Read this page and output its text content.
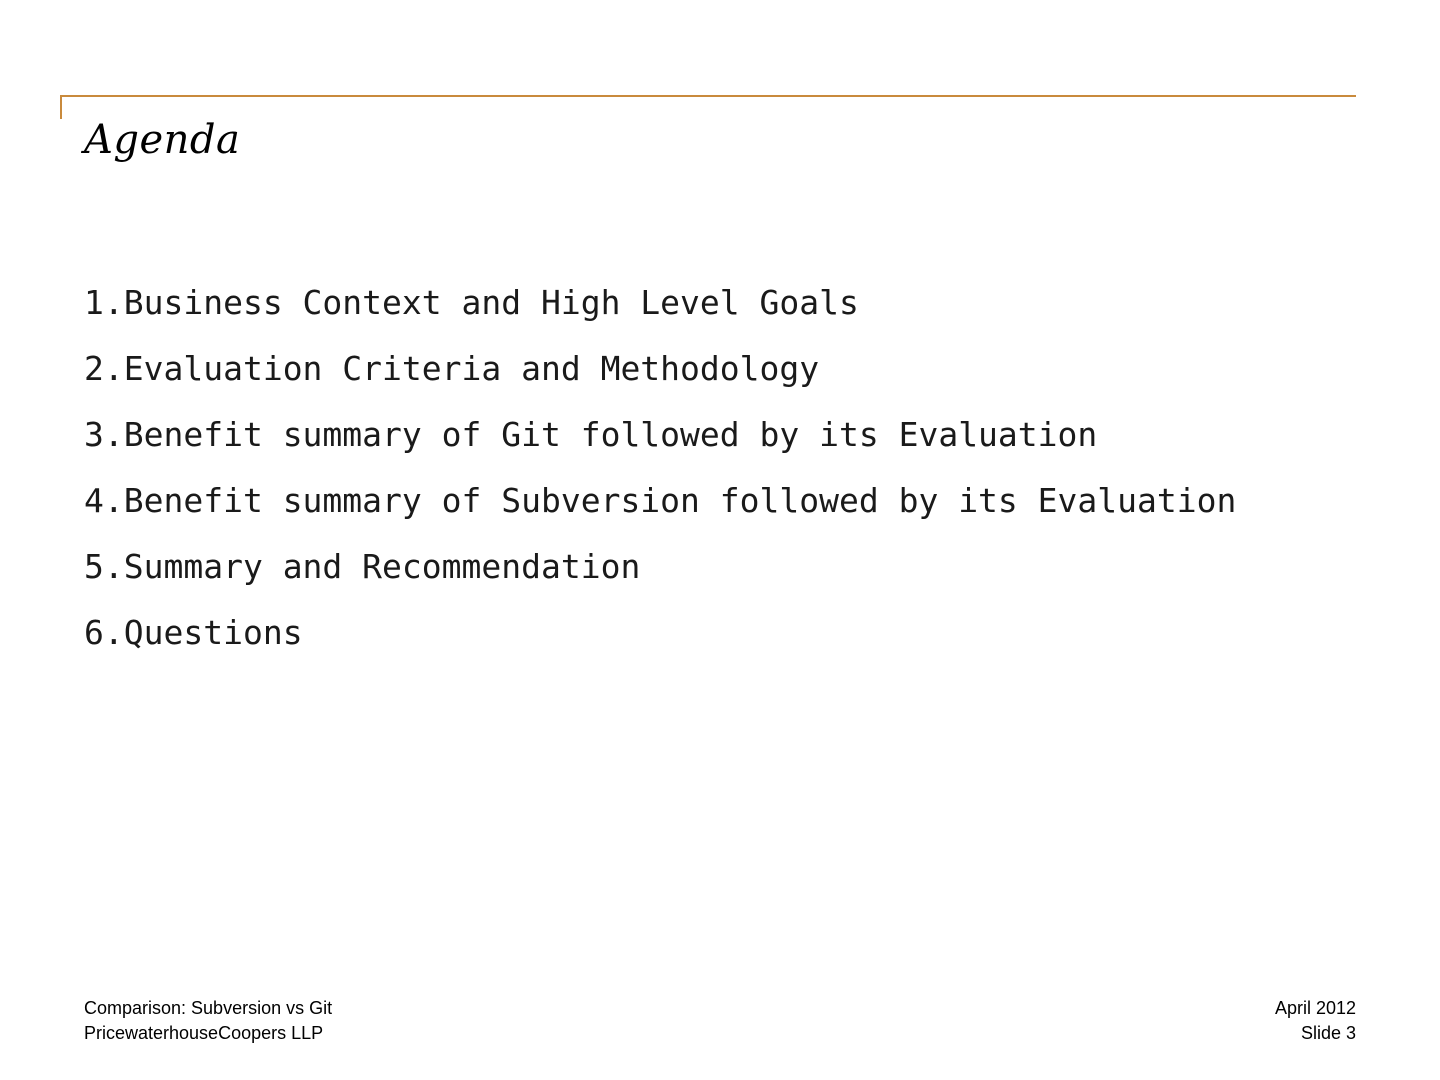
Agenda
1.Business Context and High Level Goals
2.Evaluation Criteria and Methodology
3.Benefit summary of Git followed by its Evaluation
4.Benefit summary of Subversion followed by its Evaluation
5.Summary and Recommendation
6.Questions
Comparison: Subversion vs Git
PricewaterhouseCoopers LLP
April 2012
Slide 3
